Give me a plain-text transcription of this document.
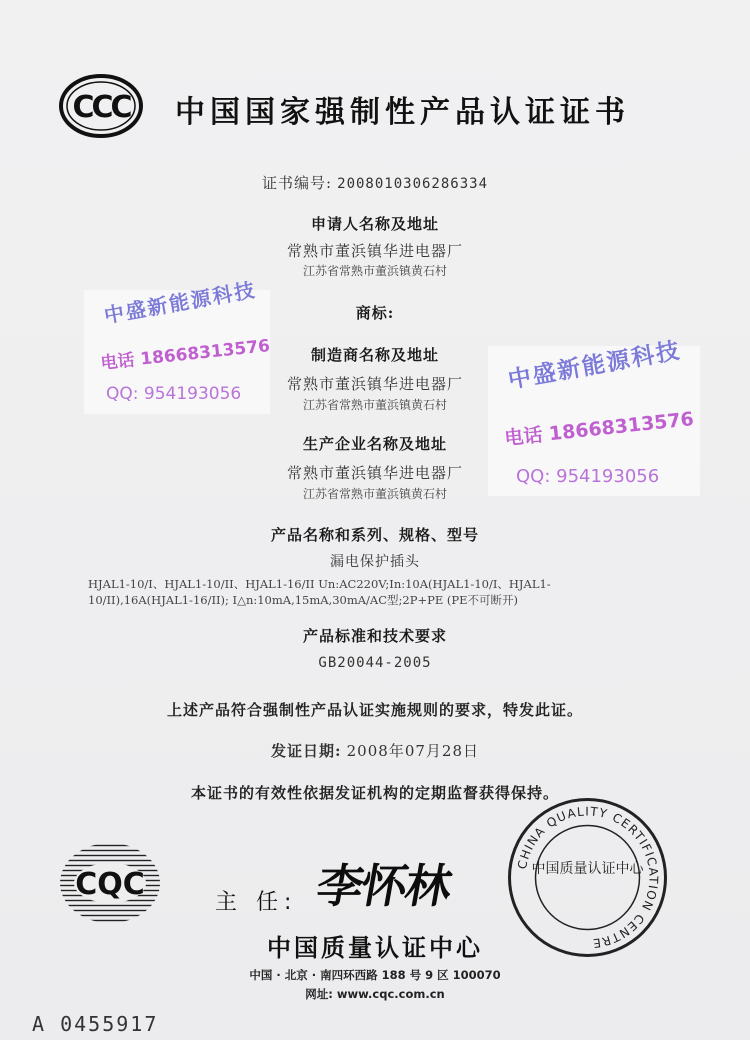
CCC 中国国家强制性产品认证证书
证书编号: 2008010306286334
申请人名称及地址
常熟市董浜镇华进电器厂
江苏省常熟市董浜镇黄石村
商标:
制造商名称及地址
常熟市董浜镇华进电器厂
江苏省常熟市董浜镇黄石村
生产企业名称及地址
常熟市董浜镇华进电器厂
江苏省常熟市董浜镇黄石村
产品名称和系列、规格、型号
漏电保护插头
HJAL1-10/I、HJAL1-10/II、HJAL1-16/II Un:AC220V;In:10A(HJAL1-10/I、HJAL1-
10/II),16A(HJAL1-16/II); I△n:10mA,15mA,30mA/AC型;2P+PE (PE不可断开)
产品标准和技术要求
GB20044-2005
上述产品符合强制性产品认证实施规则的要求，特发此证。
发证日期: 2008年07月28日
本证书的有效性依据发证机构的定期监督获得保持。
CQC
主 任: 李怀林
中国质量认证中心
中国 · 北京 · 南四环西路 188 号 9 区 100070
网址: www.cqc.com.cn
A 0455917
CHINA QUALITY CERTIFICATION CENTRE
中国质量认证中心
中盛新能源科技
电话 18668313576
QQ: 954193056
中盛新能源科技
电话 18668313576
QQ: 954193056
